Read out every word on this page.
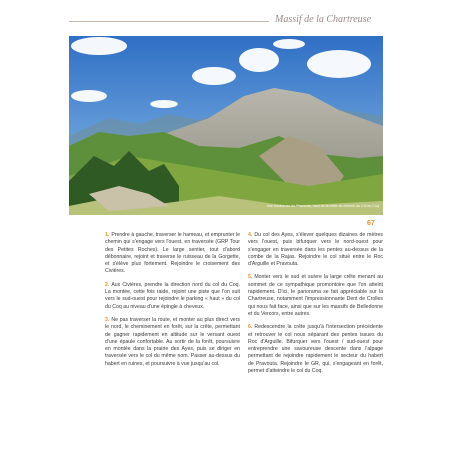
Massif de la Chartreuse
Vue lumineuse du Pravouta, haut de la crête du chemin du Col du Coq
67

1. Prendre à gauche, traverser le hameau, et emprunter le chemin qui s'engage vers l'ouest, en traversée (GRP Tour des Petites Roches). Le large sentier, tout d'abord débonnaire, rejoint et traverse le ruisseau de la Gorgette, et s'élève plus fortement. Rejoindre le croisement des Civières.

2. Aux Civières, prendre la direction nord du col du Coq. La montée, cette fois raide, rejoint une piste que l'on suit vers le sud-ouest pour rejoindre le parking « haut » du col du Coq au niveau d'une épingle à cheveux.

3. Ne pas traverser la route, et monter au plus direct vers le nord, le cheminement en forêt, sur la crête, permettant de gagner rapidement en altitude sur le versant ouest d'une épaule confortable. Au sortir de la forêt, poursuivre en montée dans la prairie des Ayes, puis se diriger en traversée vers le col du même nom. Passer au-dessus du habert en ruines, et poursuivre à vue jusqu'au col.

4. Du col des Ayes, s'élever quelques dizaines de mètres vers l'ouest, puis bifurquer vers le nord-ouest pour s'engager en traversée dans les pentes au-dessus de la combe de la Rajas. Rejoindre le col situé entre le Roc d'Arguille et Pravouta.

5. Monter vers le sud et suivre la large crête menant au sommet de ce sympathique promontoire que l'on atteint rapidement. D'ici, le panorama se fait appréciable sur la Chartreuse, notamment l'impressionnante Dent de Crolles qui nous fait face, ainsi que sur les massifs de Belledonne et du Vercors, entre autres.

6. Redescendre la crête jusqu'à l'intersection précédente et retrouver le col nous séparant des pentes issues du Roc d'Arguille. Bifurquer vers l'ouest / sud-ouest pour entreprendre une savoureuse descente dans l'alpage permettant de rejoindre rapidement le secteur du habert de Pravouta. Rejoindre le GR, qui, s'engageant en forêt, permet d'atteindre le col du Coq.
